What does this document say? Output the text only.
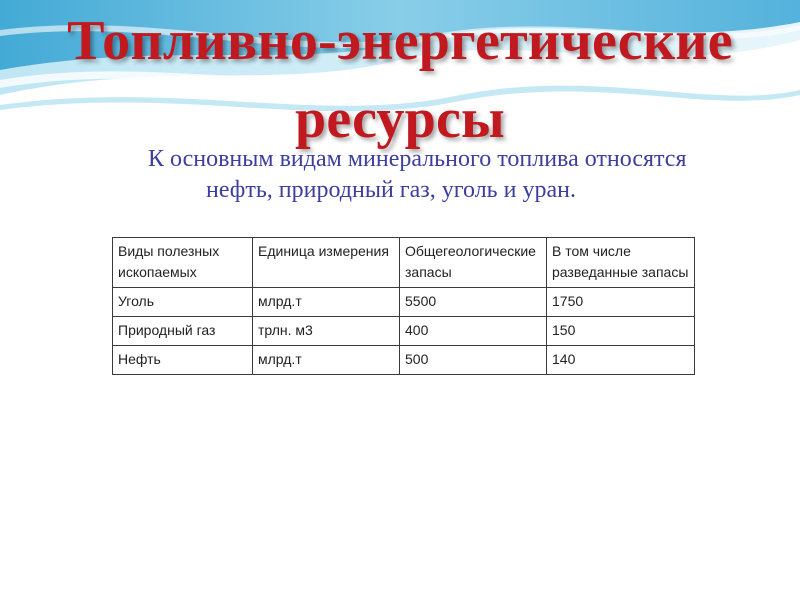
Топливно-энергетические
ресурсы

К основным видам минерального топлива относятся
нефть, природный газ, уголь и уран.

Виды полезных ископаемых	Единица измерения	Общегеологические запасы	В том числе разведанные запасы
Уголь	млрд.т	5500	1750
Природный газ	трлн. м3	400	150
Нефть	млрд.т	500	140
